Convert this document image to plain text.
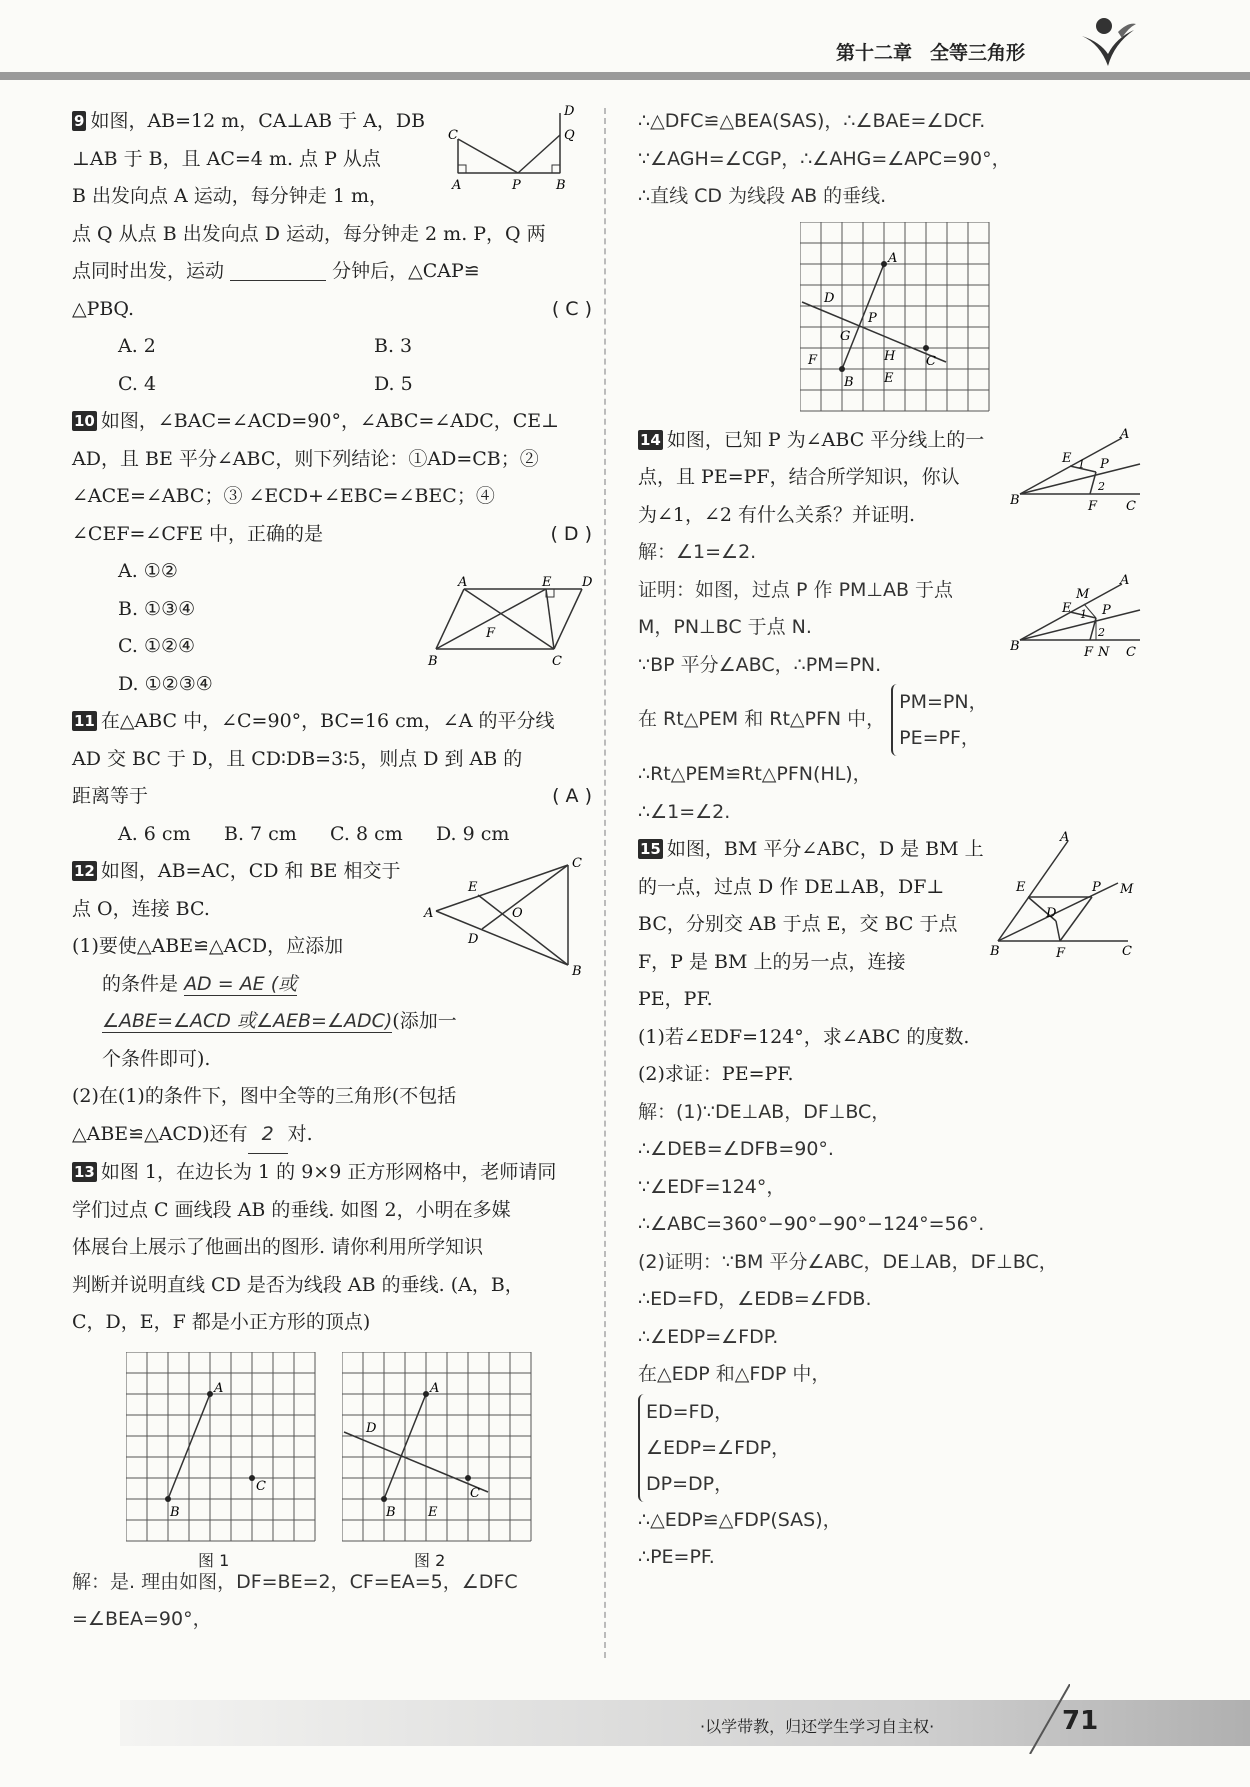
第十二章 全等三角形
9 如图，AB=12 m，CA⊥AB 于 A，DB
⊥AB 于 B，且 AC=4 m. 点 P 从点
B 出发向点 A 运动，每分钟走 1 m，
点 Q 从点 B 出发向点 D 运动，每分钟走 2 m. P，Q 两
点同时出发，运动	分钟后，△CAP≌
△PBQ.	( C )
A. 2	B. 3
C. 4	D. 5
C
A	P	B
Q
D
10 如图，∠BAC=∠ACD=90°，∠ABC=∠ADC，CE⊥
AD，且 BE 平分∠ABC，则下列结论：①AD=CB；②
∠ACE=∠ABC；③ ∠ECD+∠EBC=∠BEC；④
∠CEF=∠CFE 中，正确的是	( D )
A. ①②
B. ①③④
C. ①②④
D. ①②③④
A	E D
F
B	C
11 在△ABC 中，∠C=90°，BC=16 cm，∠A 的平分线
AD 交 BC 于 D，且 CD∶DB=3∶5，则点 D 到 AB 的
距离等于	( A )
A. 6 cm B. 7 cm C. 8 cm D. 9 cm
12 如图，AB=AC，CD 和 BE 相交于
点 O，连接 BC.
(1)要使△ABE≌△ACD，应添加
的条件是 AD = AE (或
∠ABE=∠ACD 或∠AEB=∠ADC)(添加一
个条件即可).
(2)在(1)的条件下，图中全等的三角形(不包括
△ABE≌△ACD)还有 2 对.
C
E
A	O
D
B
13 如图 1，在边长为 1 的 9×9 正方形网格中，老师请同
学们过点 C 画线段 AB 的垂线. 如图 2，小明在多媒
体展台上展示了他画出的图形. 请你利用所学知识
判断并说明直线 CD 是否为线段 AB 的垂线. (A，B，
C，D，E，F 都是小正方形的顶点)
A
B
C
图 1
A
B
C
D
E
图 2
解：是. 理由如图，DF=BE=2，CF=EA=5，∠DFC
=∠BEA=90°，
∴△DFC≌△BEA(SAS)，∴∠BAE=∠DCF.
∵∠AGH=∠CGP，∴∠AHG=∠APC=90°，
∴直线 CD 为线段 AB 的垂线.
A
D
P
G
F	H C
B E
14 如图，已知 P 为∠ABC 平分线上的一
点，且 PE=PF，结合所学知识，你认
为∠1，∠2 有什么关系？并证明.
解：∠1=∠2.
证明：如图，过点 P 作 PM⊥AB 于点
M，PN⊥BC 于点 N.
∵BP 平分∠ABC，∴PM=PN.
在 Rt△PEM 和 Rt△PFN 中，
PM=PN，
PE=PF，
∴Rt△PEM≌Rt△PFN(HL)，
∴∠1=∠2.
A
E 1 P
2
B	F C
A
M
E 1 P
2
B	F N C
15 如图，BM 平分∠ABC，D 是 BM 上
的一点，过点 D 作 DE⊥AB，DF⊥
BC，分别交 AB 于点 E，交 BC 于点
F，P 是 BM 上的另一点，连接
PE，PF.
(1)若∠EDF=124°，求∠ABC 的度数.
(2)求证：PE=PF.
解：(1)∵DE⊥AB，DF⊥BC，
∴∠DEB=∠DFB=90°.
∵∠EDF=124°，
∴∠ABC=360°−90°−90°−124°=56°.
(2)证明：∵BM 平分∠ABC，DE⊥AB，DF⊥BC，
∴ED=FD，∠EDB=∠FDB.
∴∠EDP=∠FDP.
在△EDP 和△FDP 中，
ED=FD，
∠EDP=∠FDP，
DP=DP，
∴△EDP≌△FDP(SAS)，
∴PE=PF.
A
E	P M
D
B	F	C
·以学带教，归还学生学习自主权·	71
